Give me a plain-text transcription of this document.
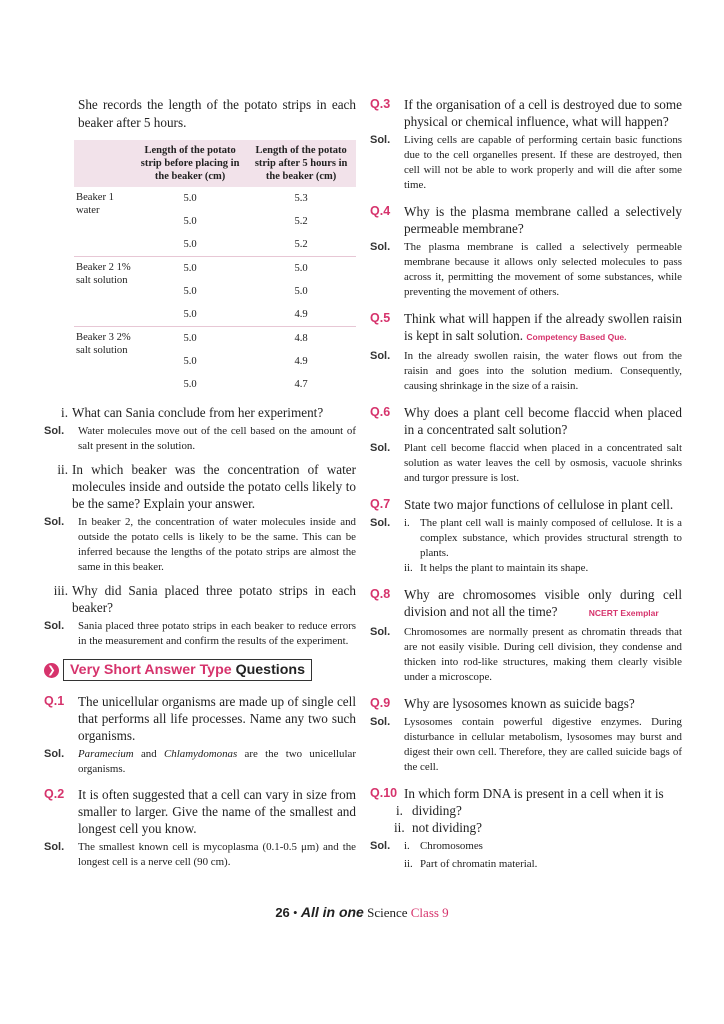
She records the length of the potato strips in each beaker after 5 hours.
	Length of the potato strip before placing in the beaker (cm)	Length of the potato strip after 5 hours in the beaker (cm)
Beaker 1 water	5.0	5.3
	5.0	5.2
	5.0	5.2
Beaker 2 1% salt solution	5.0	5.0
	5.0	5.0
	5.0	4.9
Beaker 3 2% salt solution	5.0	4.8
	5.0	4.9
	5.0	4.7
i. What can Sania conclude from her experiment?
Sol. Water molecules move out of the cell based on the amount of salt present in the solution.
ii. In which beaker was the concentration of water molecules inside and outside the potato cells likely to be the same? Explain your answer.
Sol. In beaker 2, the concentration of water molecules inside and outside the potato cells is likely to be the same. This can be inferred because the lengths of the potato strips are almost the same in this beaker.
iii. Why did Sania placed three potato strips in each beaker?
Sol. Sania placed three potato strips in each beaker to reduce errors in the measurement and confirm the results of the experiment.
❯	Very Short Answer Type Questions
Q.1 The unicellular organisms are made up of single cell that performs all life processes. Name any two such organisms.
Sol. Paramecium and Chlamydomonas are the two unicellular organisms.
Q.2 It is often suggested that a cell can vary in size from smaller to larger. Give the name of the smallest and longest cell you know.
Sol. The smallest known cell is mycoplasma (0.1-0.5 μm) and the longest cell is a nerve cell (90 cm).
Q.3 If the organisation of a cell is destroyed due to some physical or chemical influence, what will happen?
Sol. Living cells are capable of performing certain basic functions due to the cell organelles present. If these are destroyed, then cell will not be able to work properly and will die after some time.
Q.4 Why is the plasma membrane called a selectively permeable membrane?
Sol. The plasma membrane is called a selectively permeable membrane because it allows only selected molecules to pass across it, permitting the movement of some substances, while preventing the movement of others.
Q.5 Think what will happen if the already swollen raisin is kept in salt solution. Competency Based Que.
Sol. In the already swollen raisin, the water flows out from the raisin and goes into the solution medium. Consequently, causing shrinkage in the size of a raisin.
Q.6 Why does a plant cell become flaccid when placed in a concentrated salt solution?
Sol. Plant cell become flaccid when placed in a concentrated salt solution as water leaves the cell by osmosis, vacuole shrinks and turgor pressure is lost.
Q.7 State two major functions of cellulose in plant cell.
Sol. i. The plant cell wall is mainly composed of cellulose. It is a complex substance, which provides structural strength to plants.
ii. It helps the plant to maintain its shape.
Q.8 Why are chromosomes visible only during cell division and not all the time?	NCERT Exemplar
Sol. Chromosomes are normally present as chromatin threads that are not easily visible. During cell division, they condense and thicken into rod-like structures, making them clearly visible under a microscope.
Q.9 Why are lysosomes known as suicide bags?
Sol. Lysosomes contain powerful digestive enzymes. During disturbance in cellular metabolism, lysosomes may burst and digest their own cell. Therefore, they are called suicide bags of the cell.
Q.10 In which form DNA is present in a cell when it is
i. dividing?
ii. not dividing?
Sol. i. Chromosomes
ii. Part of chromatin material.
26 • All in one Science Class 9
